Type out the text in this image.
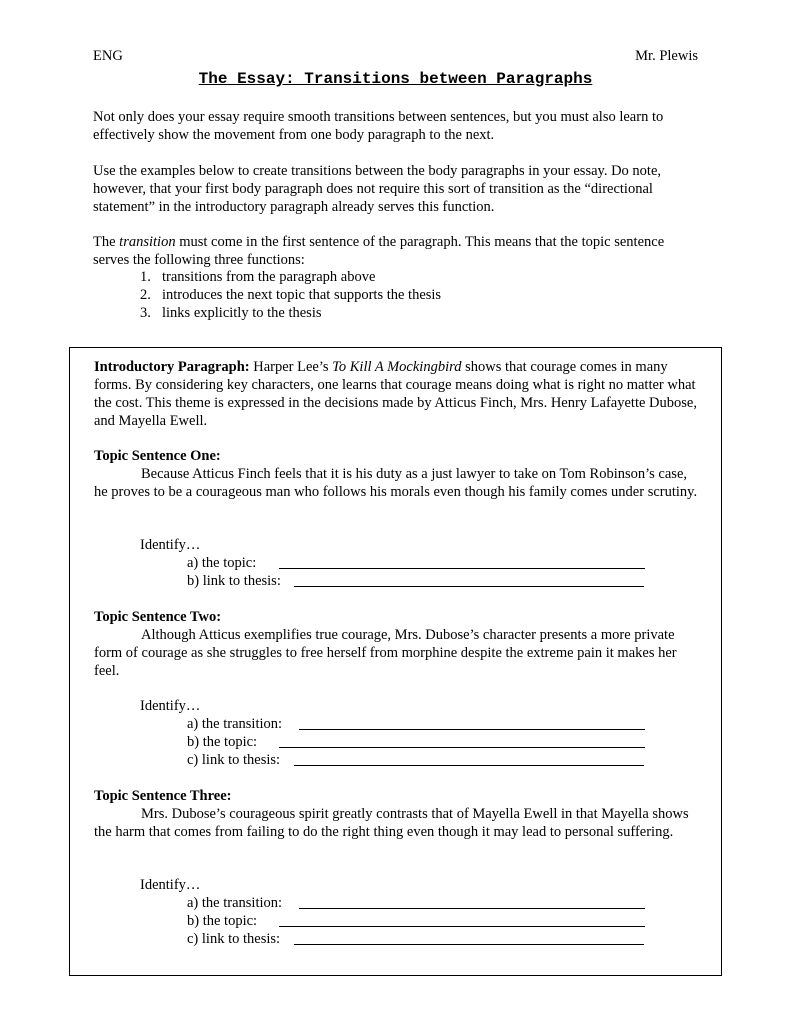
ENG	Mr. Plewis
The Essay: Transitions between Paragraphs
Not only does your essay require smooth transitions between sentences, but you must also learn to effectively show the movement from one body paragraph to the next.
Use the examples below to create transitions between the body paragraphs in your essay. Do note, however, that your first body paragraph does not require this sort of transition as the “directional statement” in the introductory paragraph already serves this function.
The transition must come in the first sentence of the paragraph. This means that the topic sentence serves the following three functions:
1. transitions from the paragraph above
2. introduces the next topic that supports the thesis
3. links explicitly to the thesis
Introductory Paragraph: Harper Lee’s To Kill A Mockingbird shows that courage comes in many forms. By considering key characters, one learns that courage means doing what is right no matter what the cost. This theme is expressed in the decisions made by Atticus Finch, Mrs. Henry Lafayette Dubose, and Mayella Ewell.
Topic Sentence One:
Because Atticus Finch feels that it is his duty as a just lawyer to take on Tom Robinson’s case, he proves to be a courageous man who follows his morals even though his family comes under scrutiny.
Identify…
a) the topic:
b) link to thesis:
Topic Sentence Two:
Although Atticus exemplifies true courage, Mrs. Dubose’s character presents a more private form of courage as she struggles to free herself from morphine despite the extreme pain it makes her feel.
Identify…
a) the transition:
b) the topic:
c) link to thesis:
Topic Sentence Three:
Mrs. Dubose’s courageous spirit greatly contrasts that of Mayella Ewell in that Mayella shows the harm that comes from failing to do the right thing even though it may lead to personal suffering.
Identify…
a) the transition:
b) the topic:
c) link to thesis:
